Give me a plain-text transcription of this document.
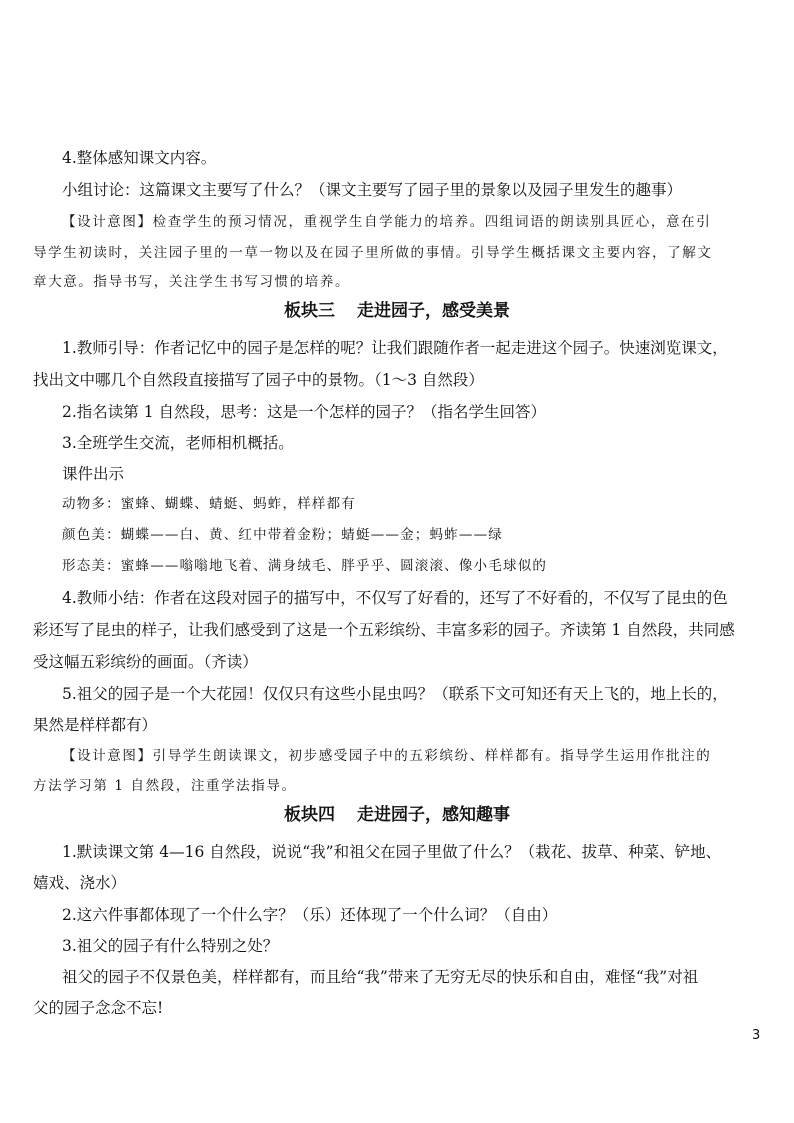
4.整体感知课文内容。
小组讨论：这篇课文主要写了什么？（课文主要写了园子里的景象以及园子里发生的趣事）
【设计意图】检查学生的预习情况，重视学生自学能力的培养。四组词语的朗读别具匠心，意在引
导学生初读时，关注园子里的一草一物以及在园子里所做的事情。引导学生概括课文主要内容，了解文
章大意。指导书写，关注学生书写习惯的培养。
板块三 走进园子，感受美景
1.教师引导：作者记忆中的园子是怎样的呢？让我们跟随作者一起走进这个园子。快速浏览课文，
找出文中哪几个自然段直接描写了园子中的景物。（1～3 自然段）
2.指名读第 1 自然段，思考：这是一个怎样的园子？（指名学生回答）
3.全班学生交流，老师相机概括。
课件出示
动物多：蜜蜂、蝴蝶、蜻蜓、蚂蚱，样样都有
颜色美：蝴蝶——白、黄、红中带着金粉；蜻蜓——金；蚂蚱——绿
形态美：蜜蜂——嗡嗡地飞着、满身绒毛、胖乎乎、圆滚滚、像小毛球似的
4.教师小结：作者在这段对园子的描写中，不仅写了好看的，还写了不好看的，不仅写了昆虫的色
彩还写了昆虫的样子，让我们感受到了这是一个五彩缤纷、丰富多彩的园子。齐读第 1 自然段，共同感
受这幅五彩缤纷的画面。（齐读）
5.祖父的园子是一个大花园！仅仅只有这些小昆虫吗？（联系下文可知还有天上飞的，地上长的，
果然是样样都有）
【设计意图】引导学生朗读课文，初步感受园子中的五彩缤纷、样样都有。指导学生运用作批注的
方法学习第 1 自然段，注重学法指导。
板块四 走进园子，感知趣事
1.默读课文第 4—16 自然段，说说“我”和祖父在园子里做了什么？（栽花、拔草、种菜、铲地、
嬉戏、浇水）
2.这六件事都体现了一个什么字？（乐）还体现了一个什么词？（自由）
3.祖父的园子有什么特别之处？
祖父的园子不仅景色美，样样都有，而且给“我”带来了无穷无尽的快乐和自由，难怪“我”对祖
父的园子念念不忘!
3
